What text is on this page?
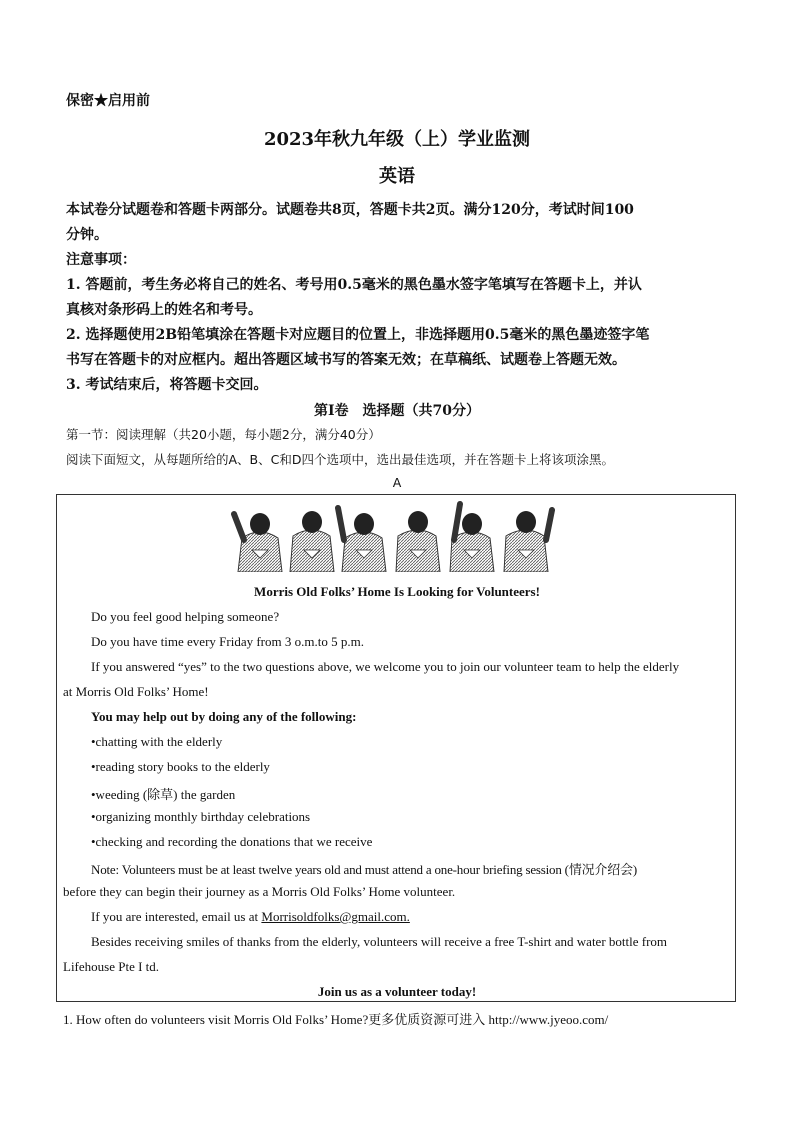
保密★启用前
2023年秋九年级（上）学业监测
英语
本试卷分试题卷和答题卡两部分。试题卷共8页，答题卡共2页。满分120分，考试时间100
分钟。
注意事项：
1. 答题前，考生务必将自己的姓名、考号用0.5毫米的黑色墨水签字笔填写在答题卡上，并认
真核对条形码上的姓名和考号。
2. 选择题使用2B铅笔填涂在答题卡对应题目的位置上，非选择题用0.5毫米的黑色墨迹签字笔
书写在答题卡的对应框内。超出答题区域书写的答案无效；在草稿纸、试题卷上答题无效。
3. 考试结束后，将答题卡交回。
第Ⅰ卷　选择题（共70分）
第一节：阅读理解（共20小题，每小题2分，满分40分）
阅读下面短文，从每题所给的A、B、C和D四个选项中，选出最佳选项，并在答题卡上将该项涂黑。
A
Morris Old Folks’ Home Is Looking for Volunteers!
Do you feel good helping someone?
Do you have time every Friday from 3 o.m.to 5 p.m.
If you answered “yes” to the two questions above, we welcome you to join our volunteer team to help the elderly
at Morris Old Folks’ Home!
You may help out by doing any of the following:
•chatting with the elderly
•reading story books to the elderly
•weeding (除草) the garden
•organizing monthly birthday celebrations
•checking and recording the donations that we receive
Note: Volunteers must be at least twelve years old and must attend a one-hour briefing session (情况介绍会)
before they can begin their journey as a Morris Old Folks’ Home volunteer.
If you are interested, email us at Morrisoldfolks@gmail.com.
Besides receiving smiles of thanks from the elderly, volunteers will receive a free T-shirt and water bottle from
Lifehouse Pte I td.
Join us as a volunteer today!
1. How often do volunteers visit Morris Old Folks’ Home?更多优质资源可进入 http://www.jyeoo.com/
